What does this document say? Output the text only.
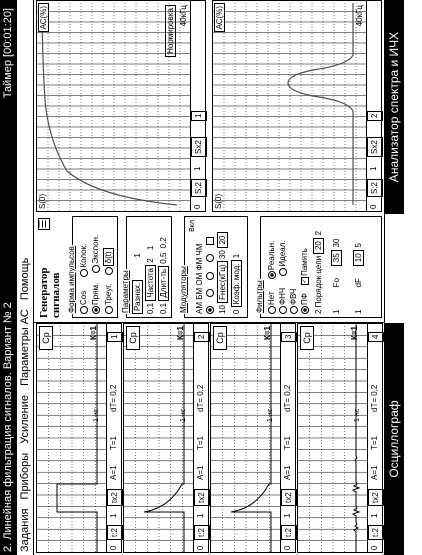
2. Линейная фильтрация сигналов. Вариант № 2
Таймер [00:01:20]
Задания Приборы Усиление Параметры АС Помощь
Cp	К=1
1 нс
0
t:2
1
tx2
А=1
Т=1
dT= 0,2
1	Cp	К=1
1 нс
0
t:2
1
tx2
А=1
Т=1
dT= 0,2
2	Cp	К=1
1 нс
0
t:2
1
tx2
А=1
Т=1
dT= 0,2
3	Cp	К=1
1 нс
0
t:2
1
tx2
А=1
Т=1
dT= 0,2
4
Генератор сигналов
☰
Форма импульсов Cos Колок.
Прям. Экспон.
Треуг. δ(t)
Параметры Разнах. 1
0,1 Частота 2 1
0,1 Длит-ть 0,5 0,2
Модуляторы
Вкл
АМ БМ ОМ ФМ ЧМ

10 Fнес(кГц) 30 20
0 Коэф. мод. 1
Фильтры Нет Реальн.
ФНЧ Идеал.
ФВЧ ПФ ✓Память
2 Порядок цепи 20 2
1 Fo 35 30
1 dF 10 5
АС(%)
S(0)
40кГц
Нормировка
0
S:2
1
Sx2
1
АС(%)
S(0)
40кГц
0
S:2
1
Sx2
2
Осциллограф
Анализатор спектра и ИЧХ
